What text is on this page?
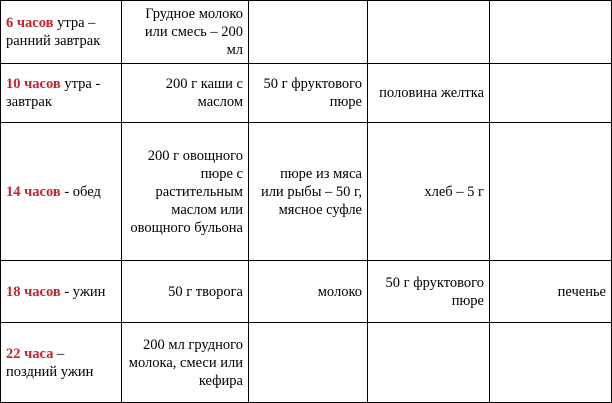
6 часов утра – ранний завтрак	Грудное молоко или смесь – 200 мл			
10 часов утра - завтрак	200 г каши с маслом	50 г фруктового пюре	половина желтка	
14 часов - обед	200 г овощного пюре с растительным маслом или овощного бульона	пюре из мяса или рыбы – 50 г, мясное суфле	хлеб – 5 г	
18 часов - ужин	50 г творога	молоко	50 г фруктового пюре	печенье
22 часа – поздний ужин	200 мл грудного молока, смеси или кефира			
